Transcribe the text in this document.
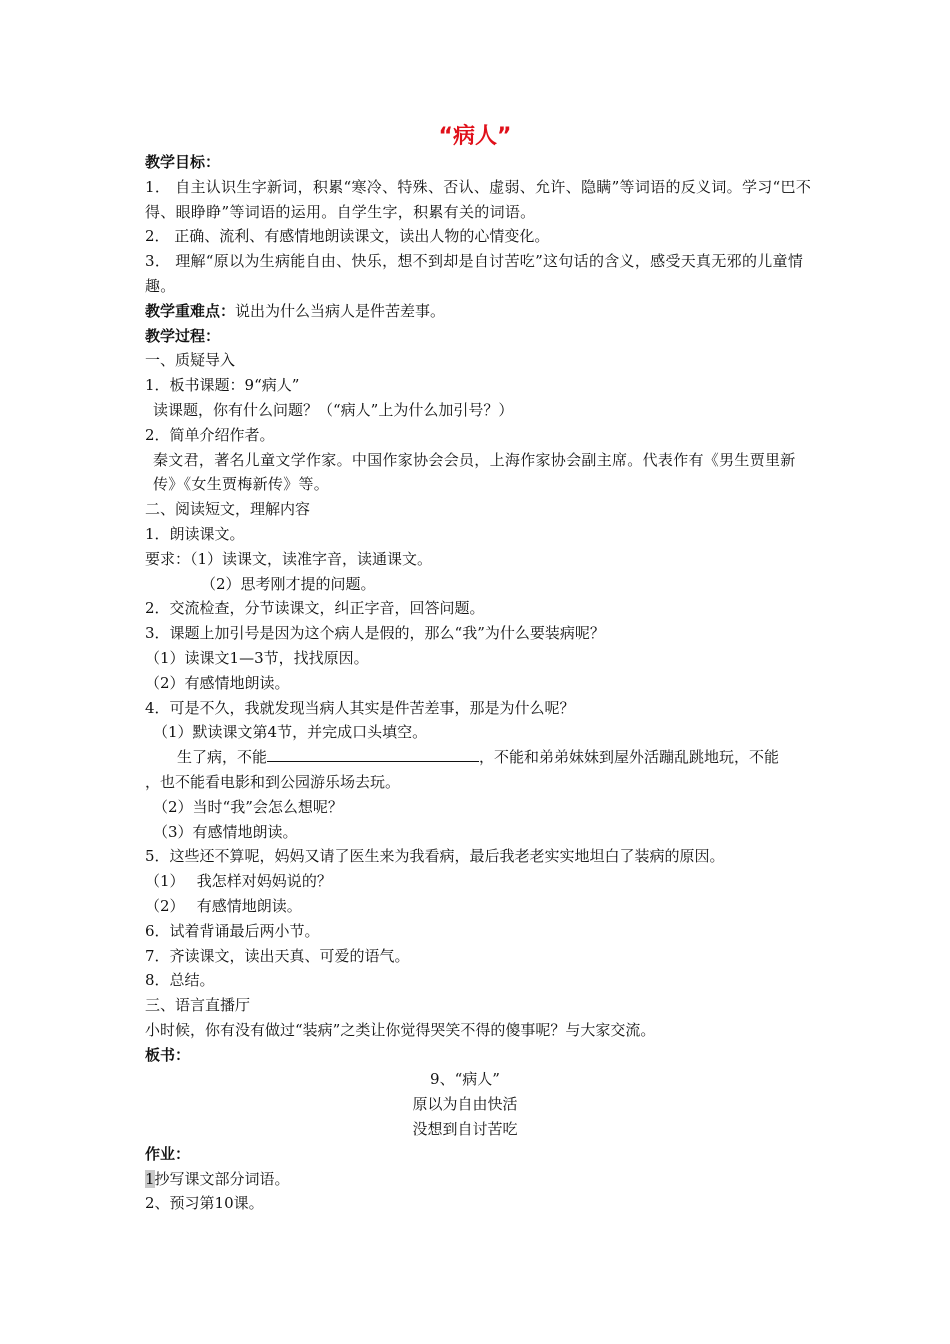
“病人”
教学目标：
1． 自主认识生字新词，积累“寒冷、特殊、否认、虚弱、允许、隐瞒”等词语的反义词。学习“巴不得、眼睁睁”等词语的运用。自学生字，积累有关的词语。
2． 正确、流利、有感情地朗读课文，读出人物的心情变化。
3． 理解“原以为生病能自由、快乐，想不到却是自讨苦吃”这句话的含义，感受天真无邪的儿童情趣。
教学重难点：说出为什么当病人是件苦差事。
教学过程：
一、质疑导入
1．板书课题：9“病人”
读课题，你有什么问题？（“病人”上为什么加引号？）
2．简单介绍作者。
秦文君，著名儿童文学作家。中国作家协会会员，上海作家协会副主席。代表作有《男生贾里新传》《女生贾梅新传》等。
二、阅读短文，理解内容
1．朗读课文。
要求：（1）读课文，读准字音，读通课文。
（2）思考刚才提的问题。
2．交流检查，分节读课文，纠正字音，回答问题。
3．课题上加引号是因为这个病人是假的，那么“我”为什么要装病呢？
（1）读课文1—3节，找找原因。
（2）有感情地朗读。
4．可是不久，我就发现当病人其实是件苦差事，那是为什么呢？
（1）默读课文第4节，并完成口头填空。
生了病，不能	，不能和弟弟妹妹到屋外活蹦乱跳地玩，不能
，也不能看电影和到公园游乐场去玩。
（2）当时“我”会怎么想呢？
（3）有感情地朗读。
5．这些还不算呢，妈妈又请了医生来为我看病，最后我老老实实地坦白了装病的原因。
（1）　 我怎样对妈妈说的？
（2）　 有感情地朗读。
6．试着背诵最后两小节。
7．齐读课文，读出天真、可爱的语气。
8．总结。
三、语言直播厅
小时候，你有没有做过“装病”之类让你觉得哭笑不得的傻事呢？与大家交流。
板书：
9、“病人”
原以为自由快活
没想到自讨苦吃
作业：
1抄写课文部分词语。
2、预习第10课。
